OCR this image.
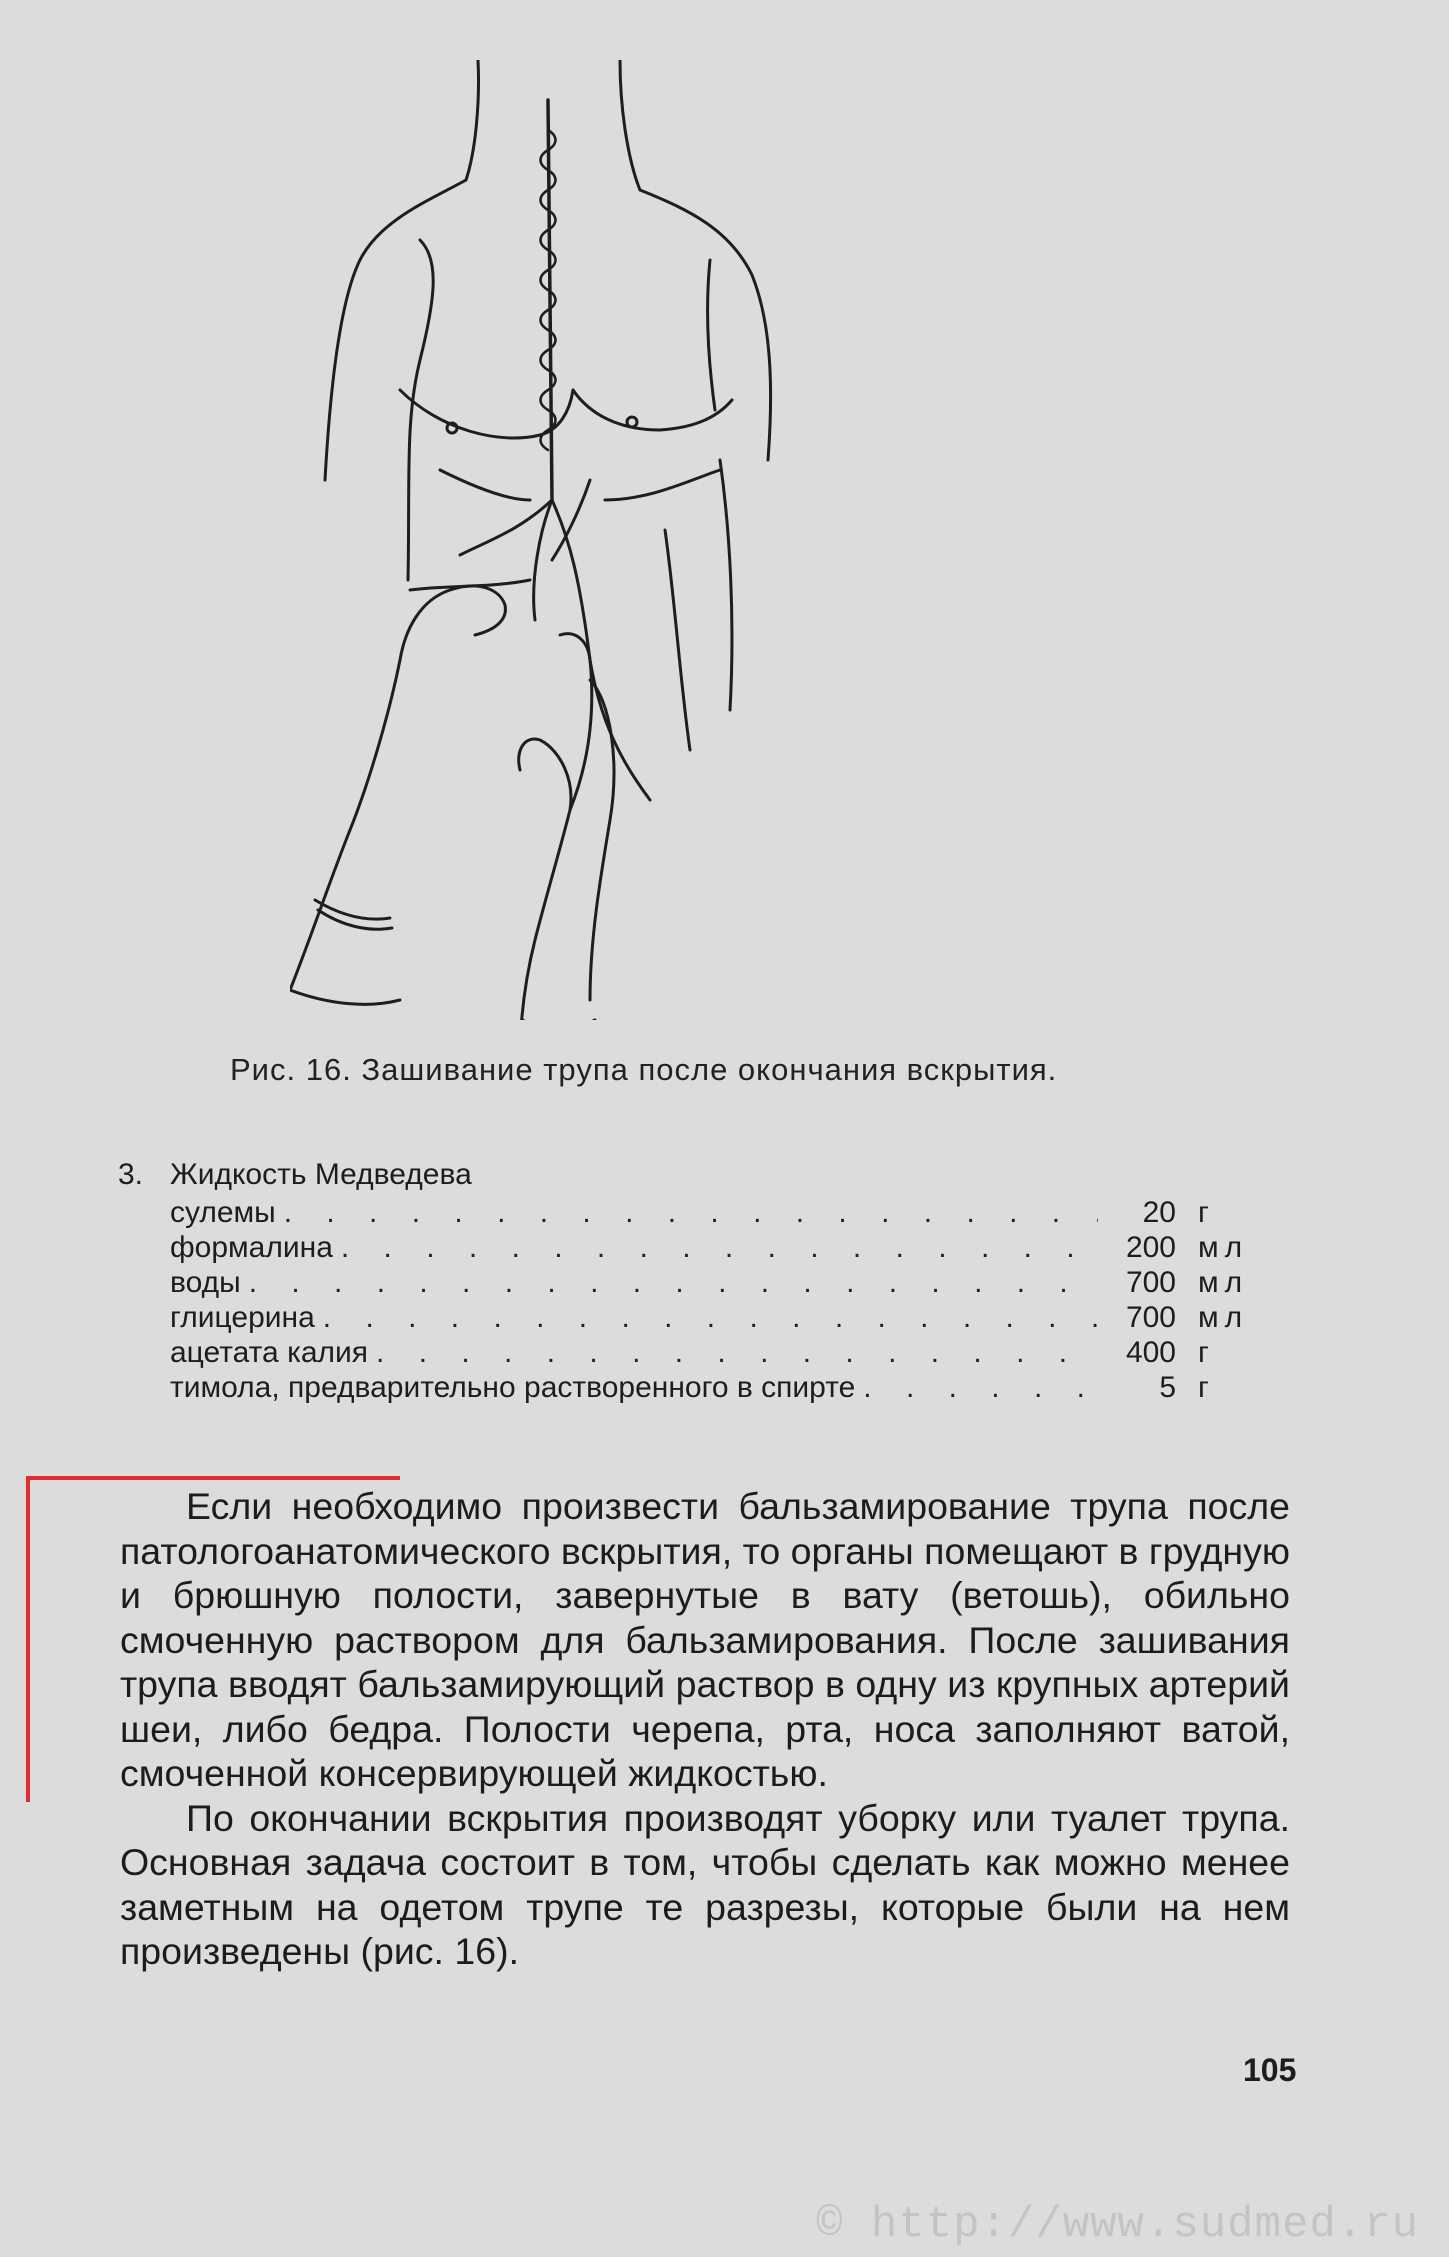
Рис. 16. Зашивание трупа после окончания вскрытия.
3. Жидкость Медведева
сулемы . . .	20 г
формалина . . .	200 мл
воды . . .	700 мл
глицерина . . .	700 мл
ацетата калия . . .	400 г
тимола, предварительно растворенного в спирте . . .	5 г

Если необходимо произвести бальзамирование трупа после патологоанатомического вскрытия, то органы помещают в грудную и брюшную полости, завернутые в вату (ветошь), обильно смоченную раствором для бальзамирования. После зашивания трупа вводят бальзамирующий раствор в одну из крупных артерий шеи, либо бедра. Полости черепа, рта, носа заполняют ватой, смоченной консервирующей жидкостью.

По окончании вскрытия производят уборку или туалет трупа. Основная задача состоит в том, чтобы сделать как можно менее заметным на одетом трупе те разрезы, которые были на нем произведены (рис. 16).

105
© http://www.sudmed.ru
